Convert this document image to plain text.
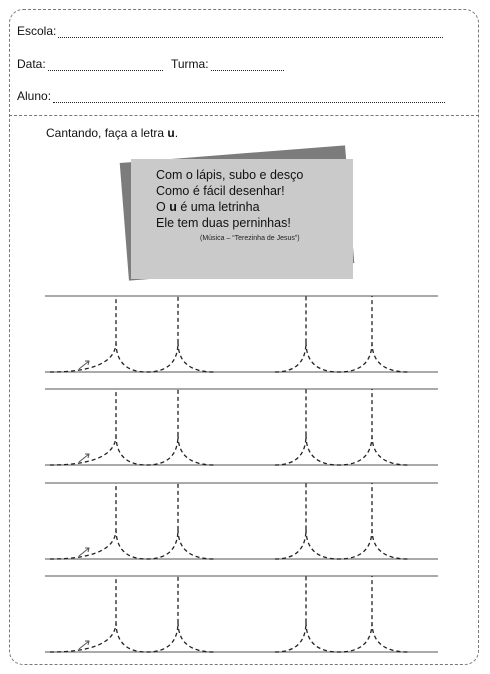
Escola:
Data:	Turma:
Aluno:
Cantando, faça a letra u.
Com o lápis, subo e desço
Como é fácil desenhar!
O u é uma letrinha
Ele tem duas perninhas!
(Música – “Terezinha de Jesus”)
